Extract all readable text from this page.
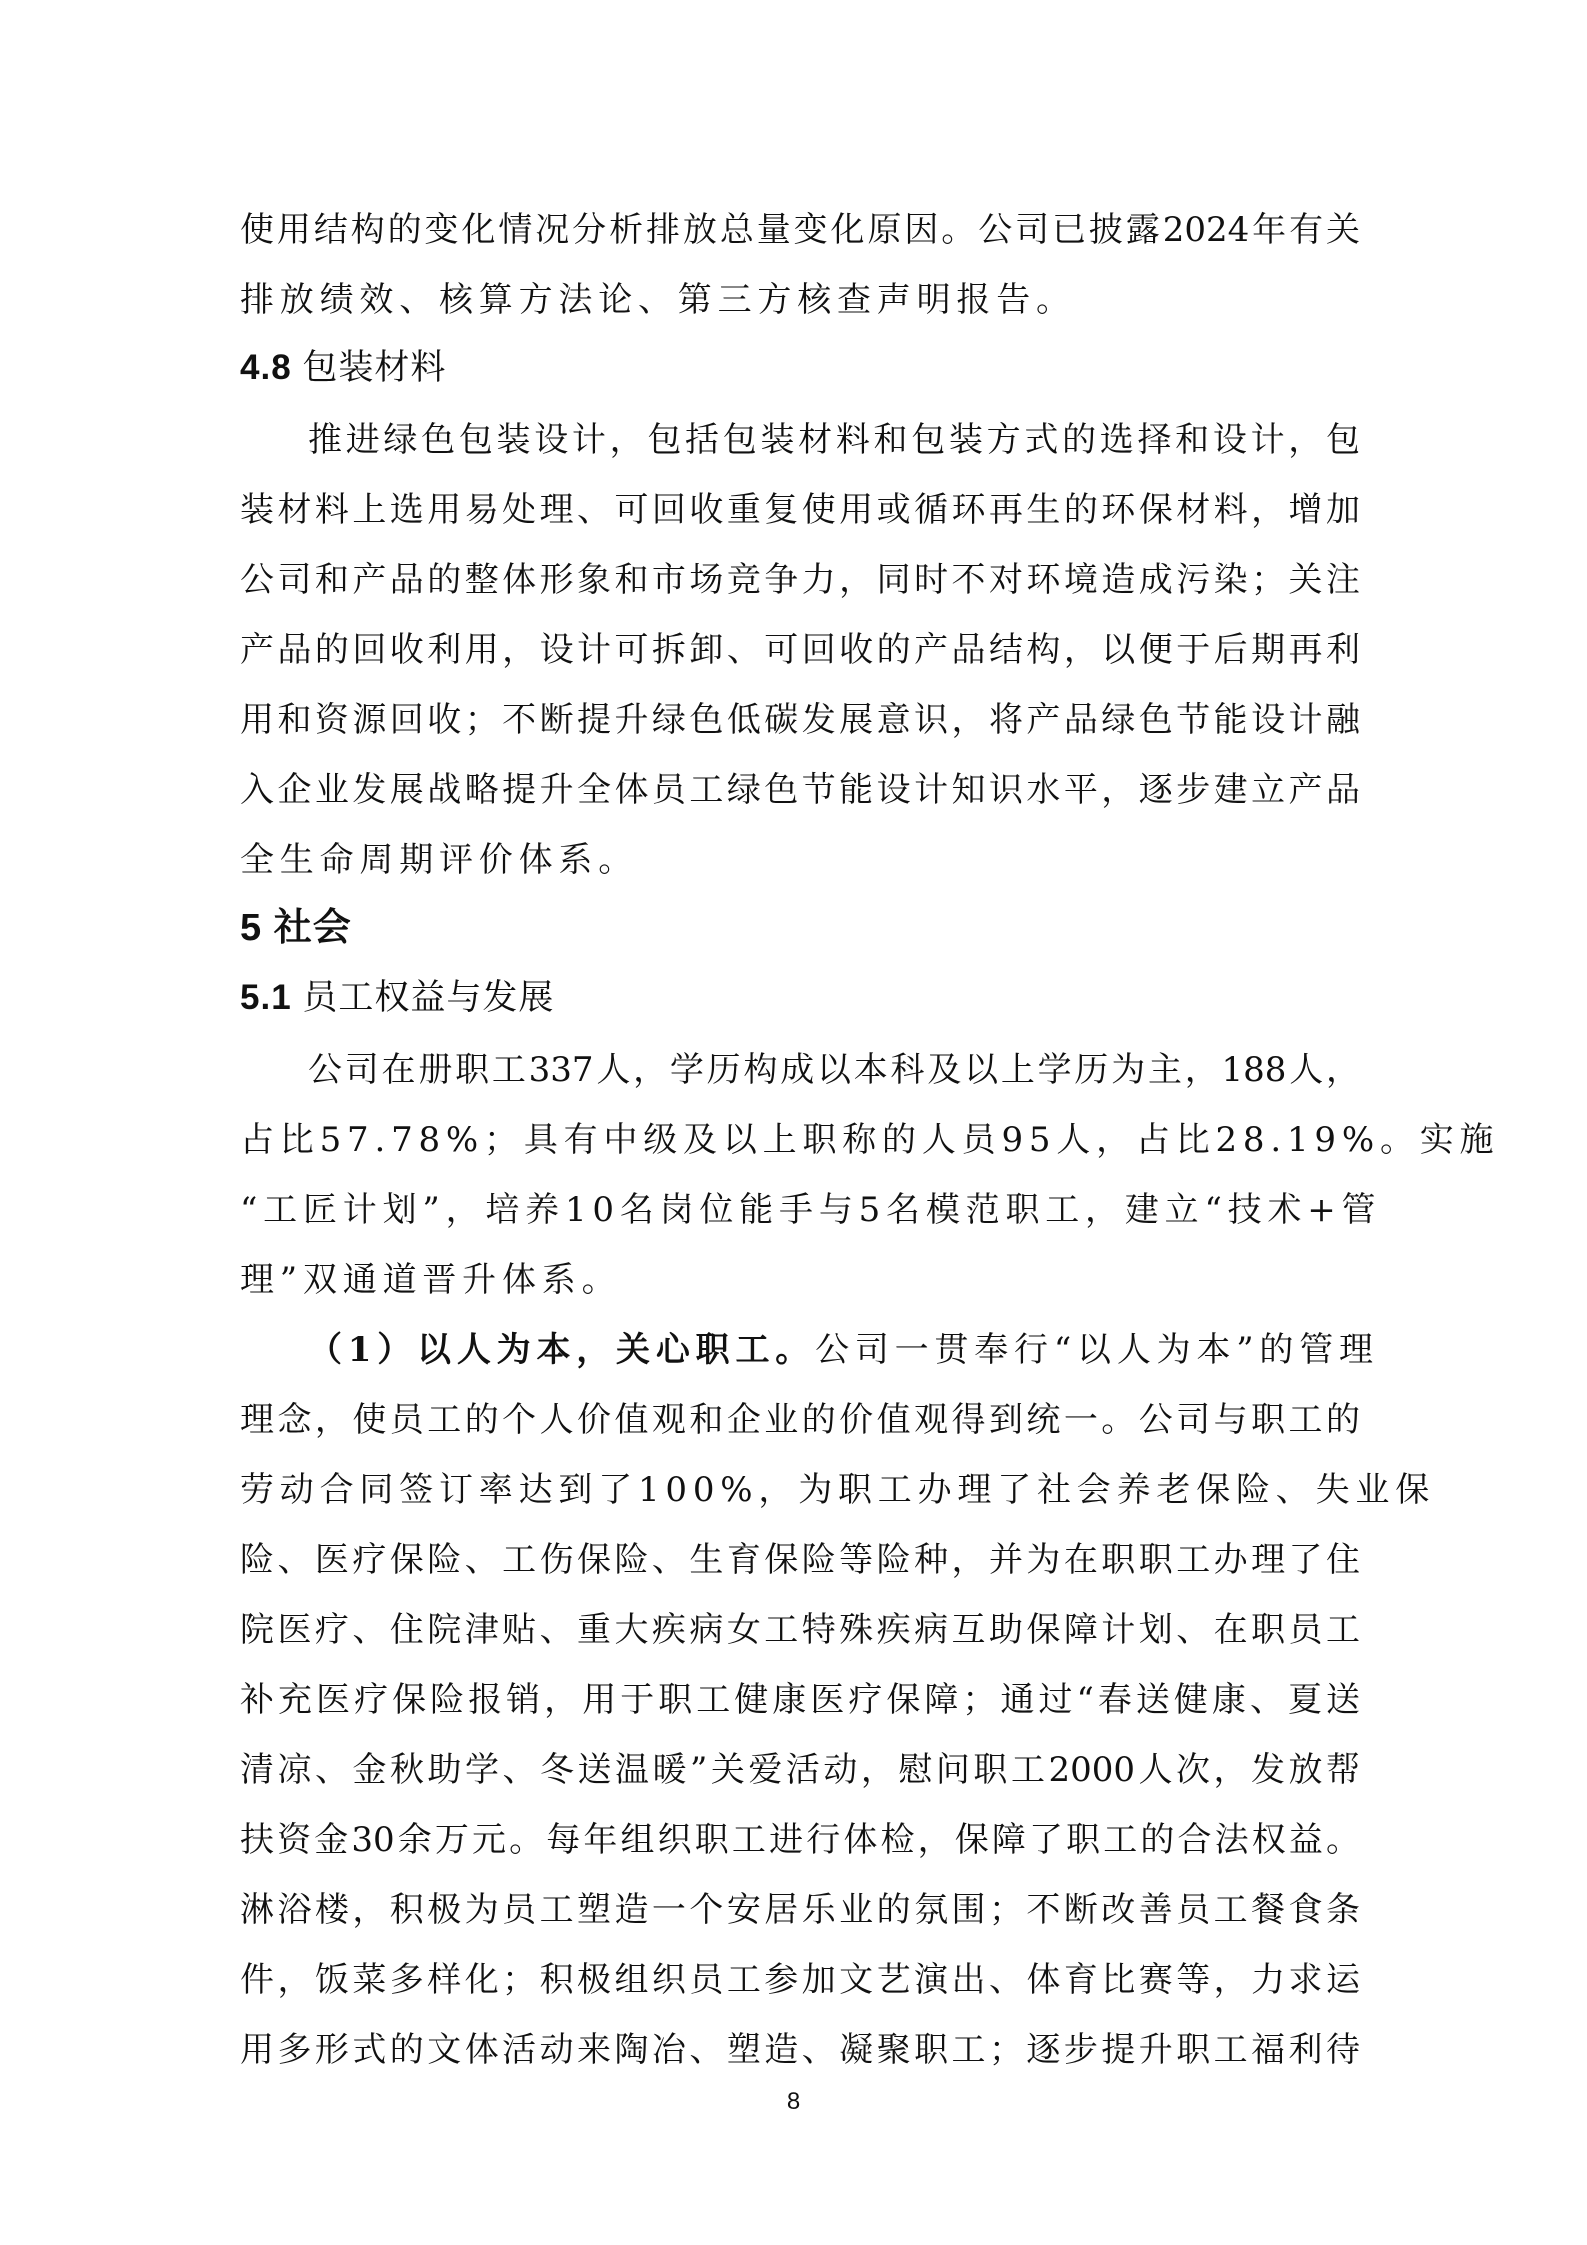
使用结构的变化情况分析排放总量变化原因。公司已披露2024年有关
排放绩效、核算方法论、第三方核查声明报告。
4.8 包装材料
推进绿色包装设计，包括包装材料和包装方式的选择和设计，包
装材料上选用易处理、可回收重复使用或循环再生的环保材料，增加
公司和产品的整体形象和市场竞争力，同时不对环境造成污染；关注
产品的回收利用，设计可拆卸、可回收的产品结构，以便于后期再利
用和资源回收；不断提升绿色低碳发展意识，将产品绿色节能设计融
入企业发展战略提升全体员工绿色节能设计知识水平，逐步建立产品
全生命周期评价体系。
5 社会
5.1 员工权益与发展
公司在册职工337人，学历构成以本科及以上学历为主，188人，
占比57.78%；具有中级及以上职称的人员95人，占比28.19%。实施
“工匠计划”，培养10名岗位能手与5名模范职工，建立“技术+管
理”双通道晋升体系。
（1）以人为本，关心职工。公司一贯奉行“以人为本”的管理
理念，使员工的个人价值观和企业的价值观得到统一。公司与职工的
劳动合同签订率达到了100%，为职工办理了社会养老保险、失业保
险、医疗保险、工伤保险、生育保险等险种，并为在职职工办理了住
院医疗、住院津贴、重大疾病女工特殊疾病互助保障计划、在职员工
补充医疗保险报销，用于职工健康医疗保障；通过“春送健康、夏送
清凉、金秋助学、冬送温暖”关爱活动，慰问职工2000人次，发放帮
扶资金30余万元。每年组织职工进行体检，保障了职工的合法权益。
淋浴楼，积极为员工塑造一个安居乐业的氛围；不断改善员工餐食条
件，饭菜多样化；积极组织员工参加文艺演出、体育比赛等，力求运
用多形式的文体活动来陶冶、塑造、凝聚职工；逐步提升职工福利待
8
